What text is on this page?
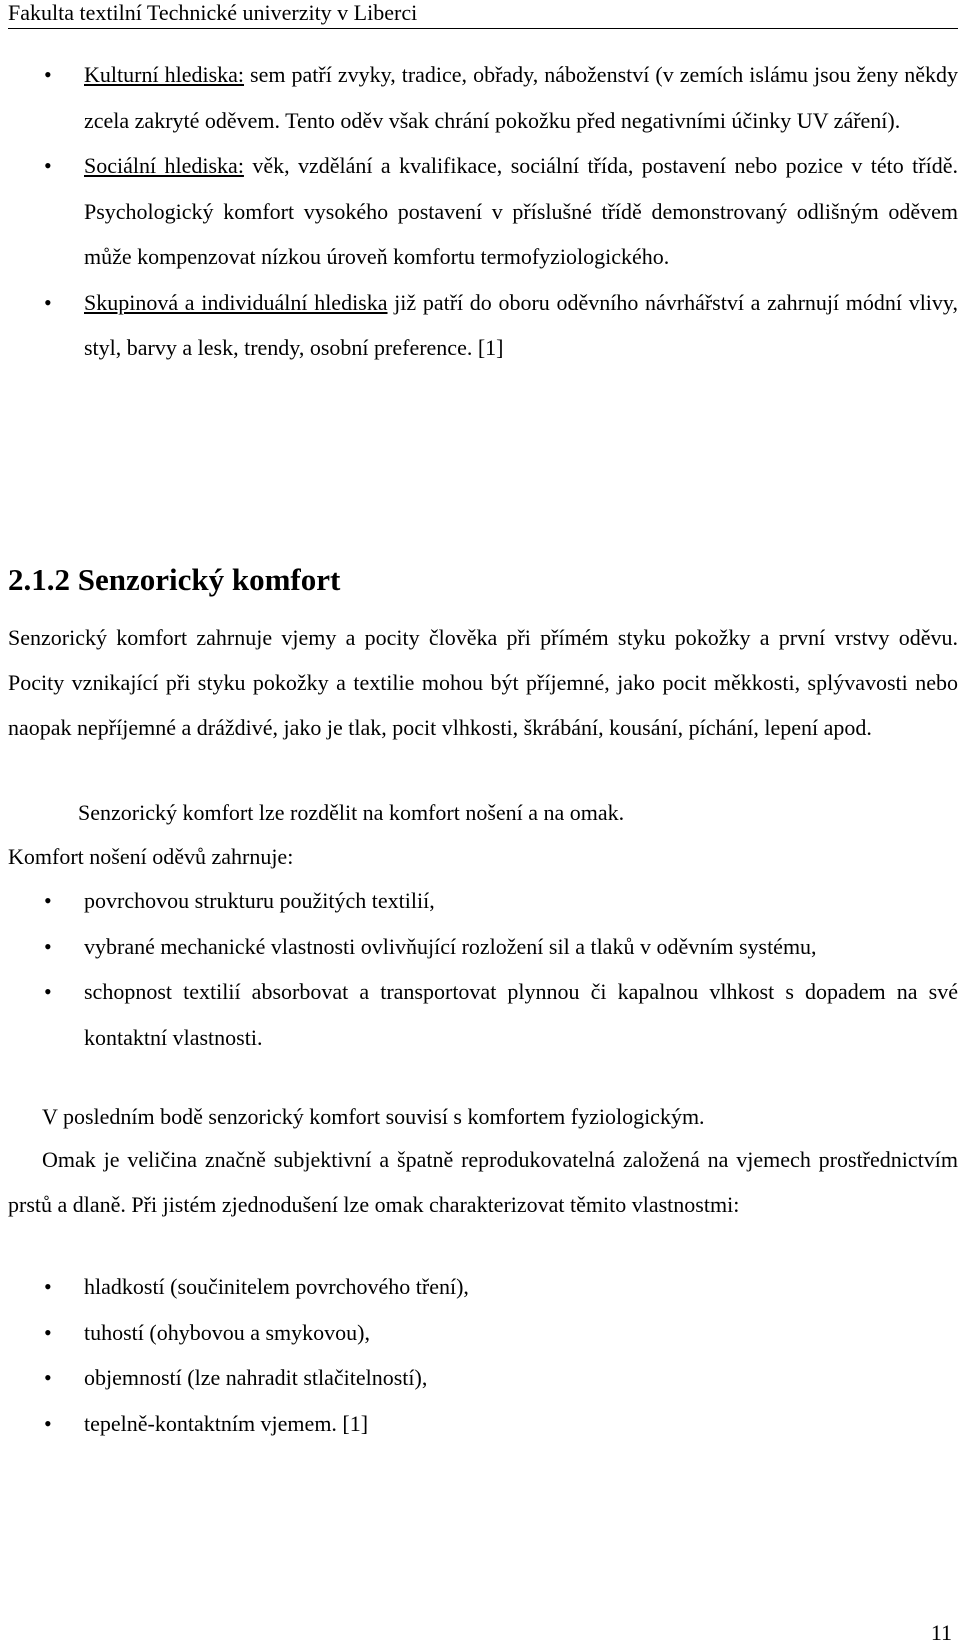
Fakulta textilní Technické univerzity v Liberci
• Kulturní hlediska: sem patří zvyky, tradice, obřady, náboženství (v zemích islámu jsou ženy někdy zcela zakryté oděvem. Tento oděv však chrání pokožku před negativními účinky UV záření).
• Sociální hlediska: věk, vzdělání a kvalifikace, sociální třída, postavení nebo pozice v této třídě. Psychologický komfort vysokého postavení v příslušné třídě demonstrovaný odlišným oděvem může kompenzovat nízkou úroveň komfortu termofyziologického.
• Skupinová a individuální hlediska již patří do oboru oděvního návrhářství a zahrnují módní vlivy, styl, barvy a lesk, trendy, osobní preference. [1]
2.1.2 Senzorický komfort
Senzorický komfort zahrnuje vjemy a pocity člověka při přímém styku pokožky a první vrstvy oděvu. Pocity vznikající při styku pokožky a textilie mohou být příjemné, jako pocit měkkosti, splývavosti nebo naopak nepříjemné a dráždivé, jako je tlak, pocit vlhkosti, škrábání, kousání, píchání, lepení apod.
Senzorický komfort lze rozdělit na komfort nošení a na omak.
Komfort nošení oděvů zahrnuje:
• povrchovou strukturu použitých textilií,
• vybrané mechanické vlastnosti ovlivňující rozložení sil a tlaků v oděvním systému,
• schopnost textilií absorbovat a transportovat plynnou či kapalnou vlhkost s dopadem na své kontaktní vlastnosti.
V posledním bodě senzorický komfort souvisí s komfortem fyziologickým.
Omak je veličina značně subjektivní a špatně reprodukovatelná založená na vjemech prostřednictvím prstů a dlaně. Při jistém zjednodušení lze omak charakterizovat těmito vlastnostmi:
• hladkostí (součinitelem povrchového tření),
• tuhostí (ohybovou a smykovou),
• objemností (lze nahradit stlačitelností),
• tepelně-kontaktním vjemem. [1]
11
